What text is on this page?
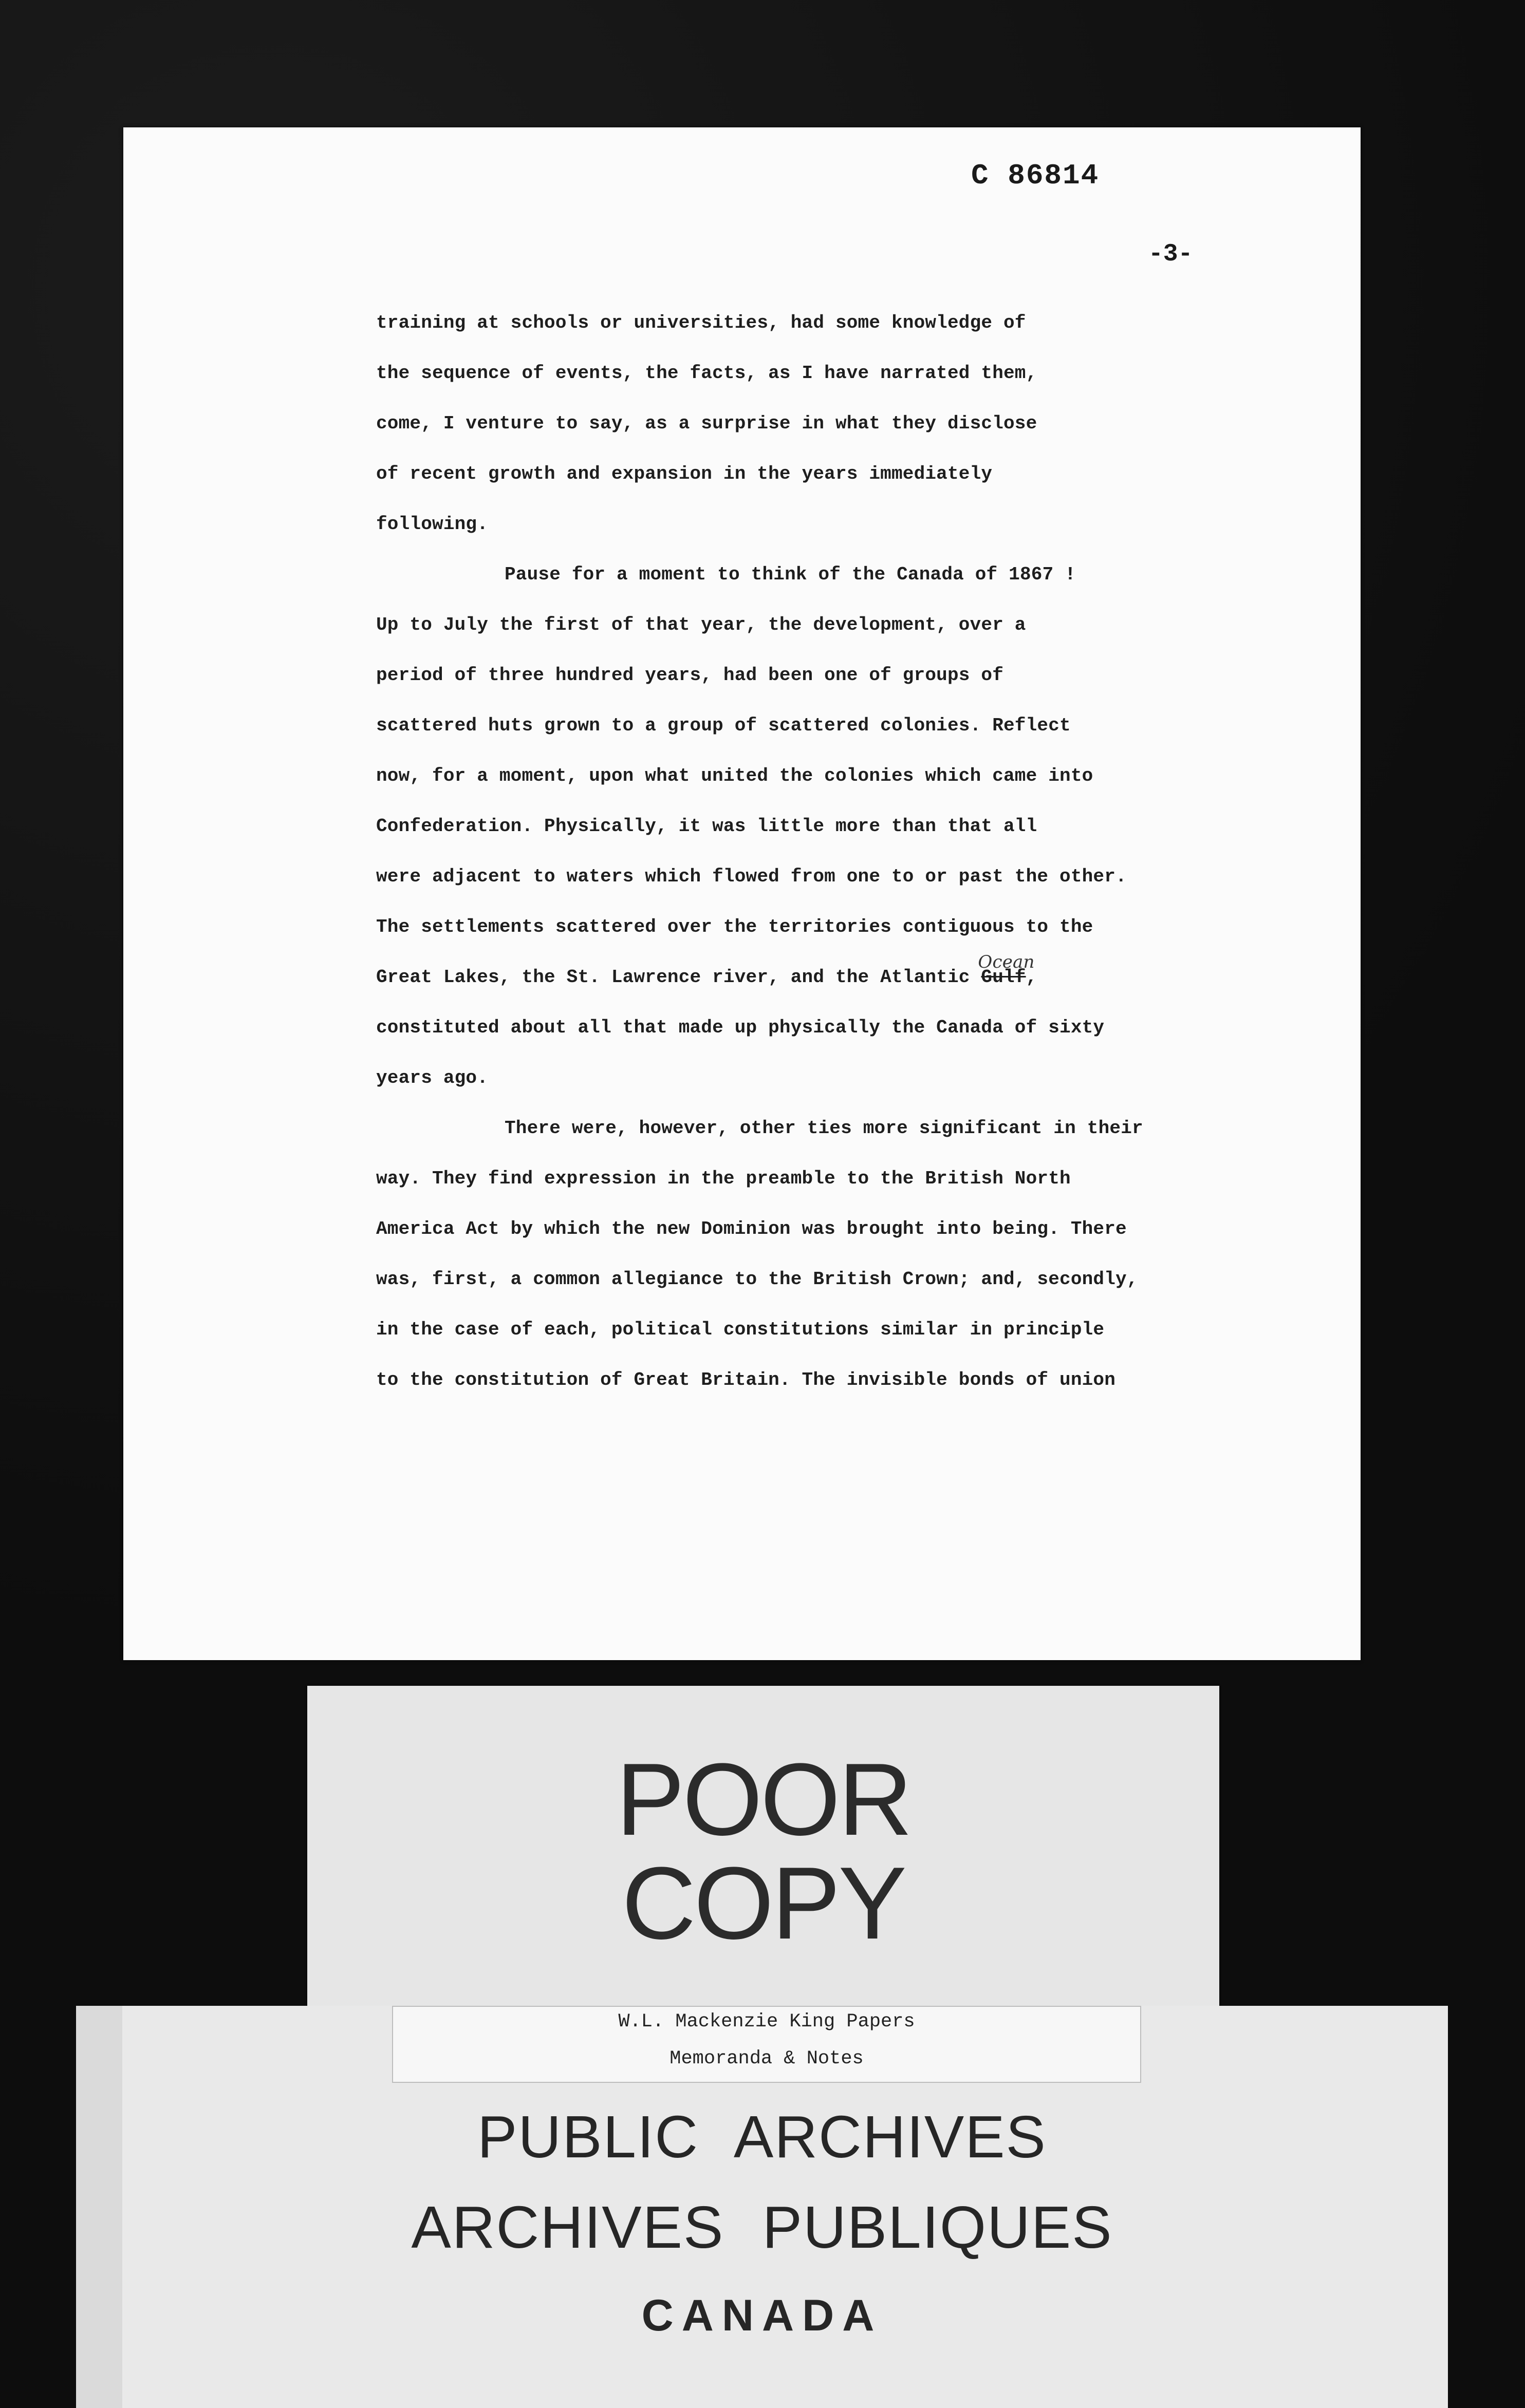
C 86814
-3-
training at schools or universities, had some knowledge of
the sequence of events, the facts, as I have narrated them,
come, I venture to say, as a surprise in what they disclose
of recent growth and expansion in the years immediately
following.
Pause for a moment to think of the Canada of 1867 !
Up to July the first of that year, the development, over a
period of three hundred years, had been one of groups of
scattered huts grown to a group of scattered colonies. Reflect
now, for a moment, upon what united the colonies which came into
Confederation. Physically, it was little more than that all
were adjacent to waters which flowed from one to or past the other.
The settlements scattered over the territories contiguous to the
Great Lakes, the St. Lawrence river, and the Atlantic Gulf
Ocean
,
constituted about all that made up physically the Canada of sixty
years ago.
There were, however, other ties more significant in their
way. They find expression in the preamble to the British North
America Act by which the new Dominion was brought into being. There
was, first, a common allegiance to the British Crown; and, secondly,
in the case of each, political constitutions similar in principle
to the constitution of Great Britain. The invisible bonds of union
POOR
COPY
W.L. Mackenzie King Papers
Memoranda & Notes
PUBLIC ARCHIVES
ARCHIVES PUBLIQUES
CANADA
